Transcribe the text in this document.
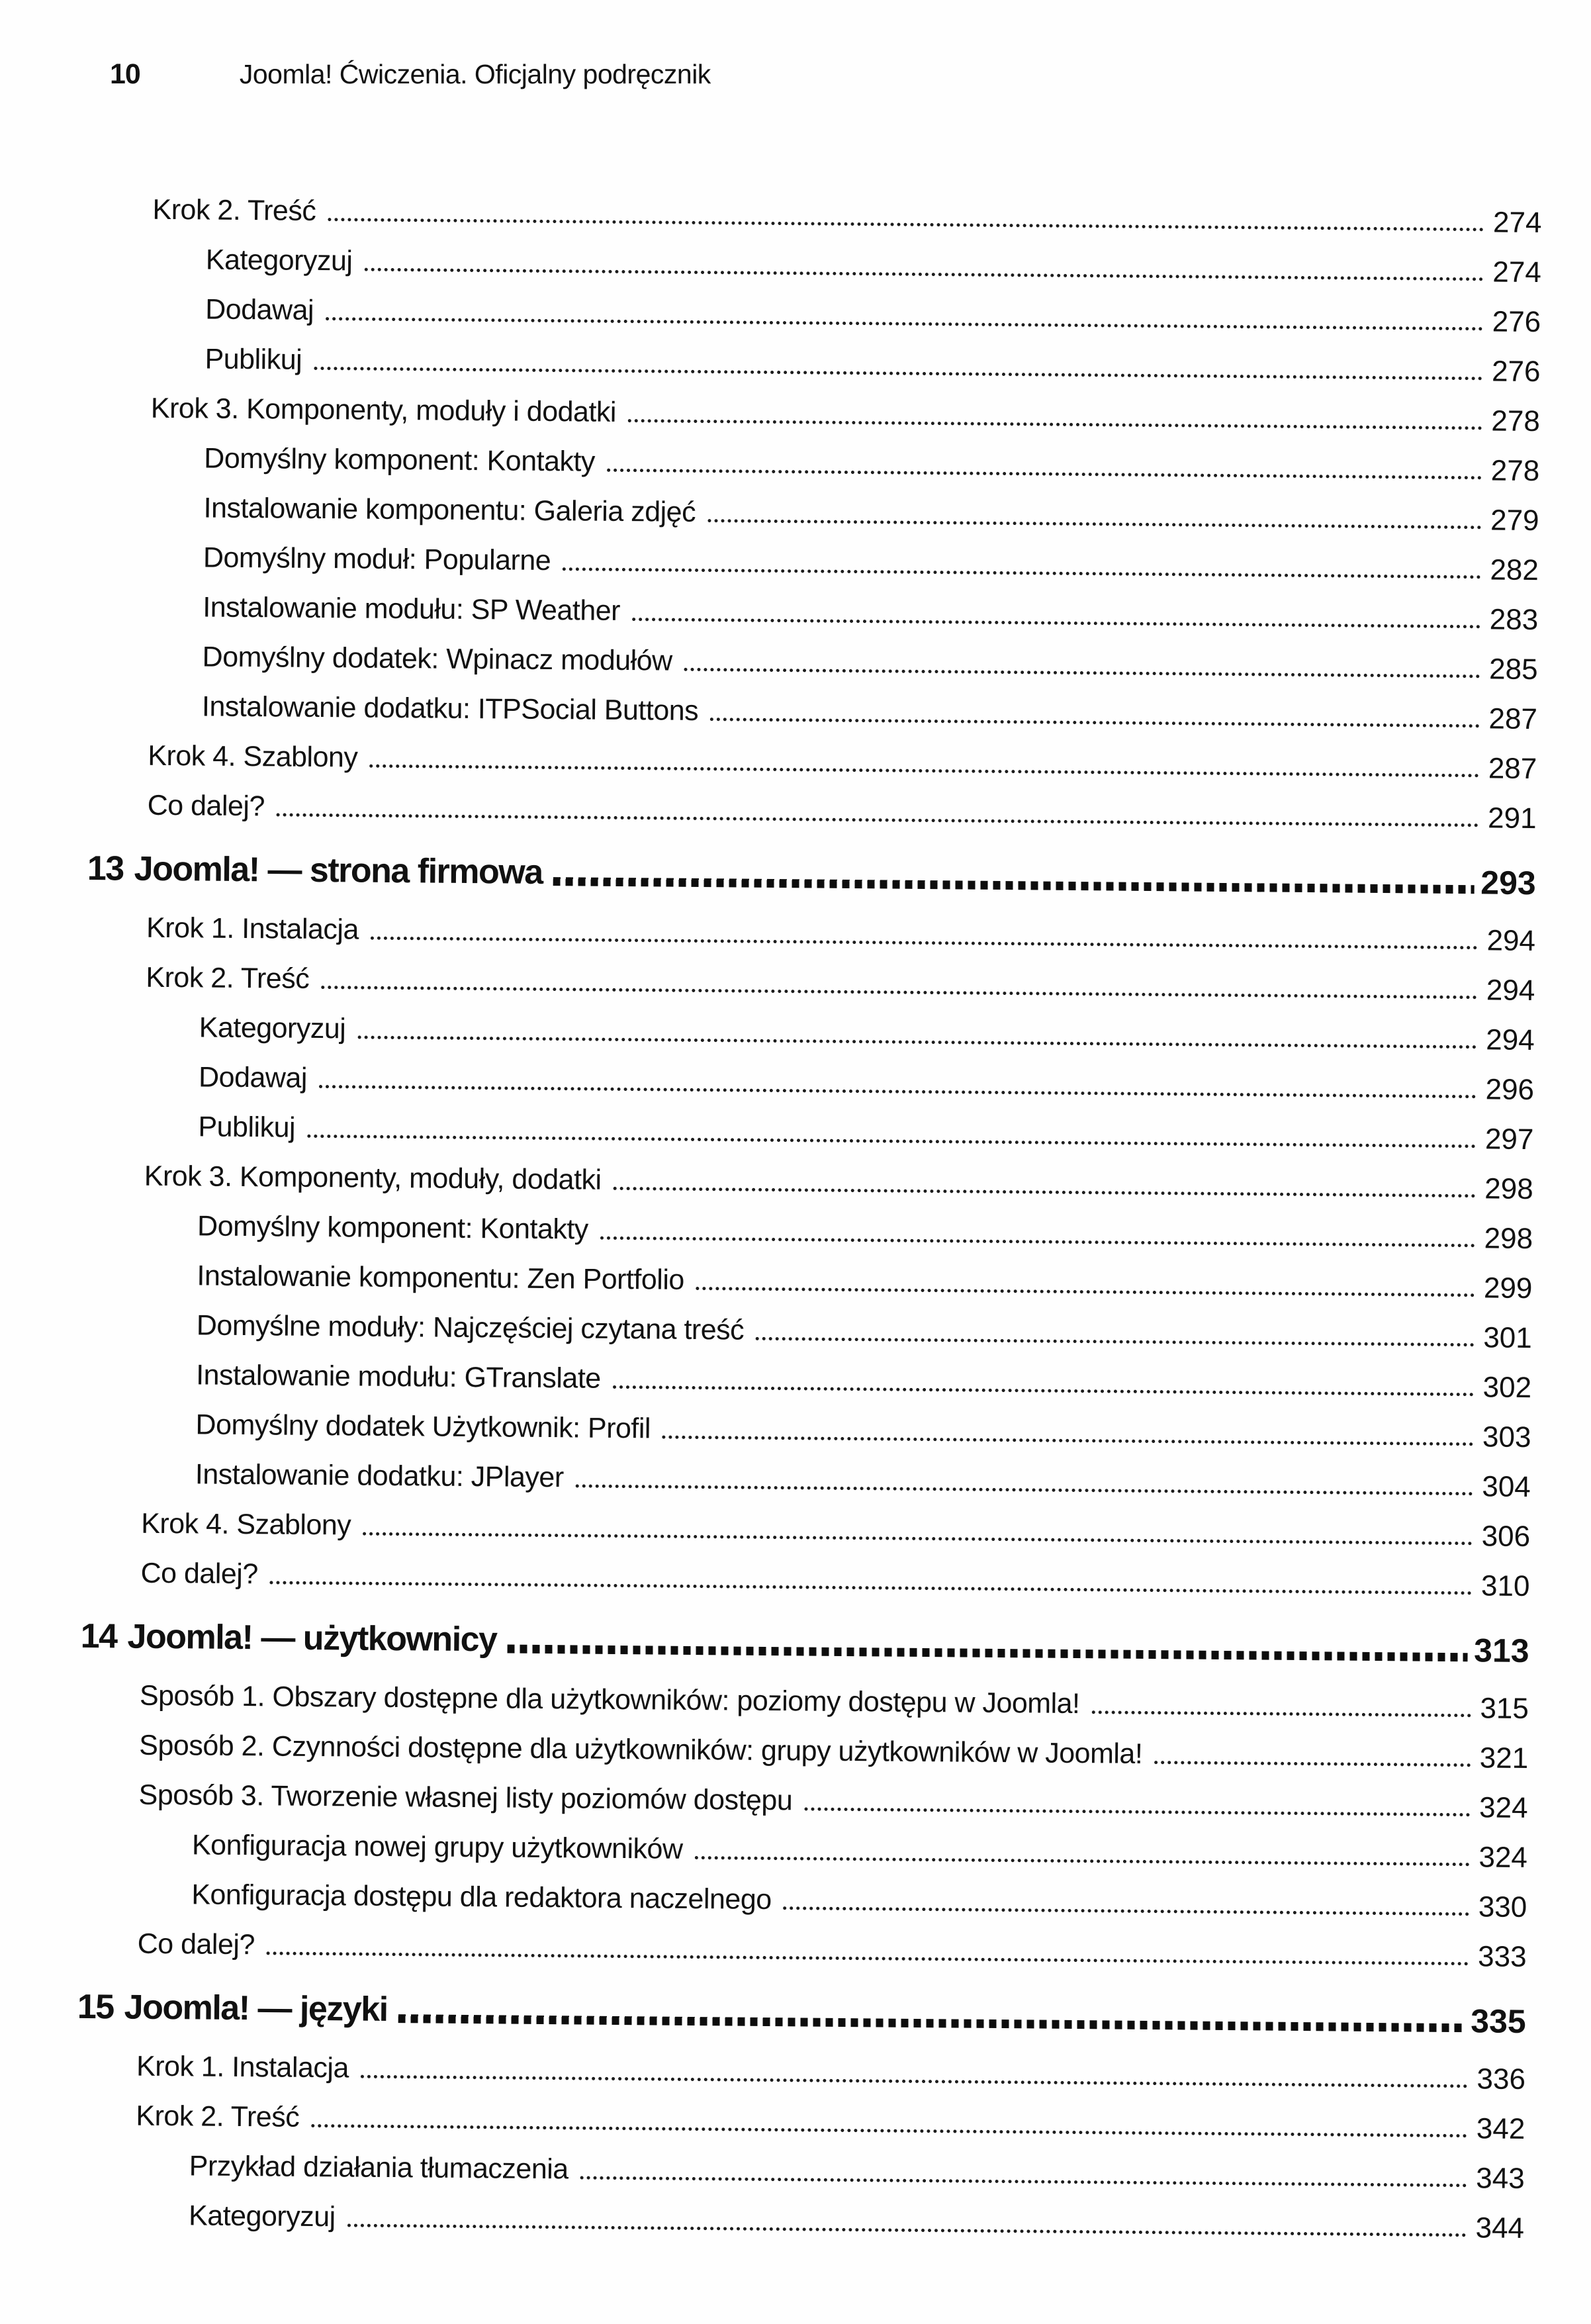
10	Joomla! Ćwiczenia. Oficjalny podręcznik
Krok 2. Treść	274
Kategoryzuj	274
Dodawaj	276
Publikuj	276
Krok 3. Komponenty, moduły i dodatki	278
Domyślny komponent: Kontakty	278
Instalowanie komponentu: Galeria zdjęć	279
Domyślny moduł: Popularne	282
Instalowanie modułu: SP Weather	283
Domyślny dodatek: Wpinacz modułów	285
Instalowanie dodatku: ITPSocial Buttons	287
Krok 4. Szablony	287
Co dalej?	291
13 Joomla! — strona firmowa	293
Krok 1. Instalacja	294
Krok 2. Treść	294
Kategoryzuj	294
Dodawaj	296
Publikuj	297
Krok 3. Komponenty, moduły, dodatki	298
Domyślny komponent: Kontakty	298
Instalowanie komponentu: Zen Portfolio	299
Domyślne moduły: Najczęściej czytana treść	301
Instalowanie modułu: GTranslate	302
Domyślny dodatek Użytkownik: Profil	303
Instalowanie dodatku: JPlayer	304
Krok 4. Szablony	306
Co dalej?	310
14 Joomla! — użytkownicy	313
Sposób 1. Obszary dostępne dla użytkowników: poziomy dostępu w Joomla!	315
Sposób 2. Czynności dostępne dla użytkowników: grupy użytkowników w Joomla!	321
Sposób 3. Tworzenie własnej listy poziomów dostępu	324
Konfiguracja nowej grupy użytkowników	324
Konfiguracja dostępu dla redaktora naczelnego	330
Co dalej?	333
15 Joomla! — języki	335
Krok 1. Instalacja	336
Krok 2. Treść	342
Przykład działania tłumaczenia	343
Kategoryzuj	344
